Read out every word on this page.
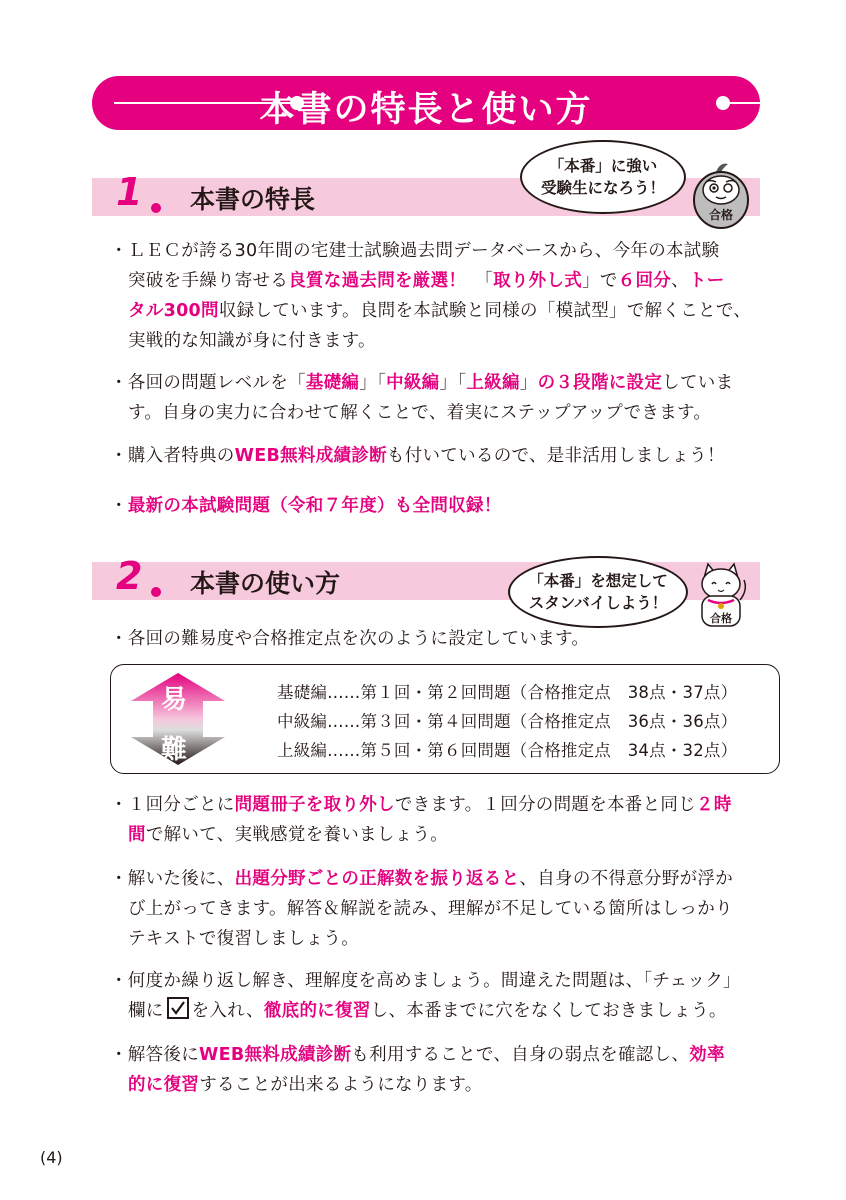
本書の特長と使い方
1 本書の特長
「本番」に強い
受験生になろう！
合格

・ＬＥＣが誇る30年間の宅建士試験過去問データベースから、今年の本試験

突破を手繰り寄せる良質な過去問を厳選！　 「取り外し式」で６回分、トー

タル300問収録しています。良問を本試験と同様の「模試型」で解くことで、

実戦的な知識が身に付きます。

・各回の問題レベルを「基礎編」「中級編」「上級編」の３段階に設定していま

す。自身の実力に合わせて解くことで、着実にステップアップできます。

・購入者特典のWEB無料成績診断も付いているので、是非活用しましょう！

・最新の本試験問題（令和７年度）も全問収録！

2 本書の使い方	「本番」を想定して
スタンバイしよう！
合格

・各回の難易度や合格推定点を次のように設定しています。

易
難
基礎編……第１回・第２回問題（合格推定点　38点・37点）
中級編……第３回・第４回問題（合格推定点　36点・36点）
上級編……第５回・第６回問題（合格推定点　34点・32点）

・１回分ごとに問題冊子を取り外しできます。１回分の問題を本番と同じ２時

間で解いて、実戦感覚を養いましょう。

・解いた後に、出題分野ごとの正解数を振り返ると、自身の不得意分野が浮か

び上がってきます。解答＆解説を読み、理解が不足している箇所はしっかり

テキストで復習しましょう。

・何度か繰り返し解き、理解度を高めましょう。間違えた問題は、「チェック」

欄に を入れ、徹底的に復習し、本番までに穴をなくしておきましょう。

・解答後にWEB無料成績診断も利用することで、自身の弱点を確認し、効率

的に復習することが出来るようになります。

(4)
